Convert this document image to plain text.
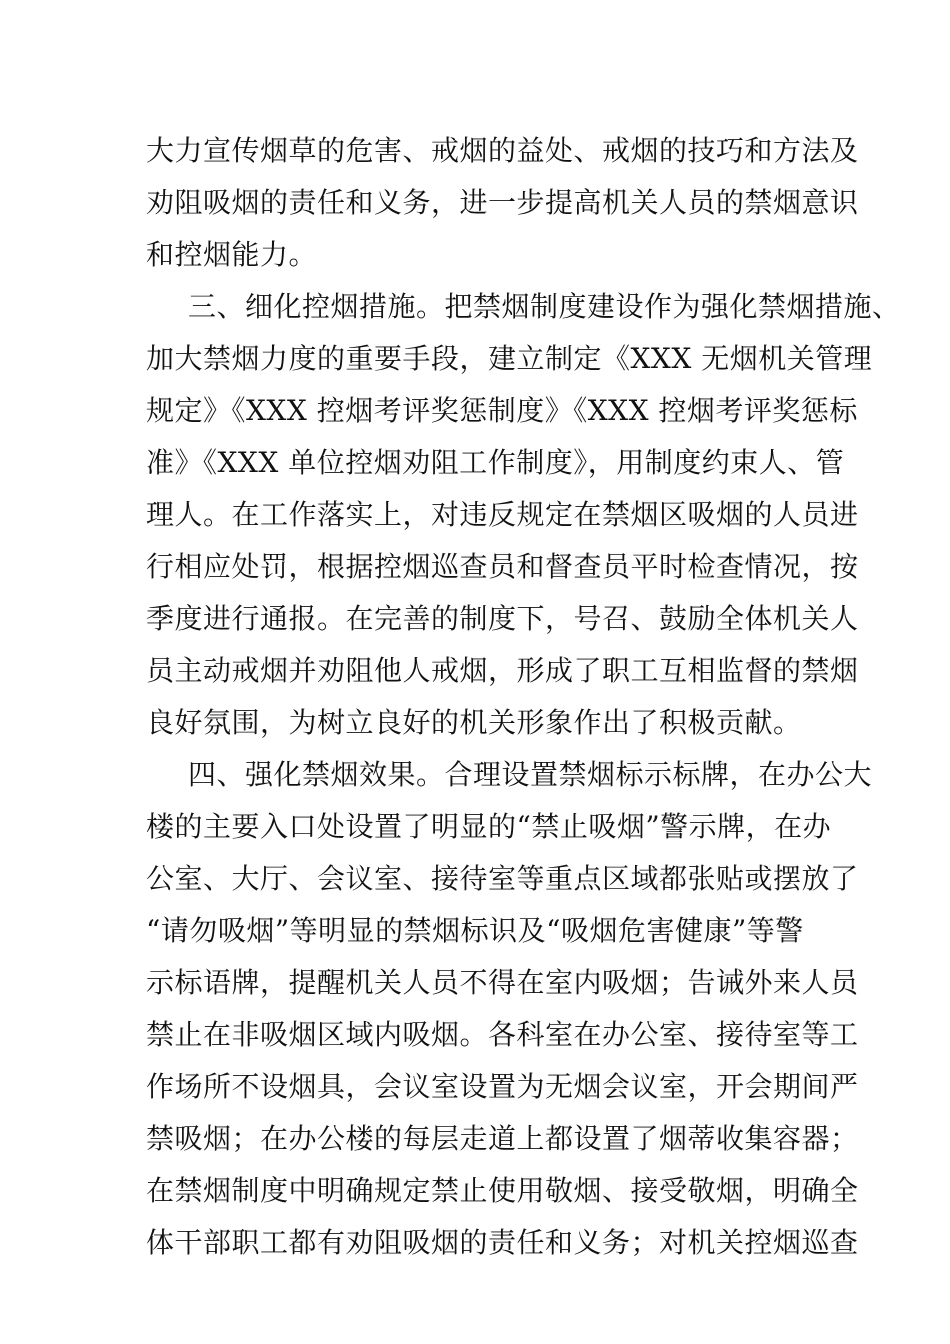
大力宣传烟草的危害、戒烟的益处、戒烟的技巧和方法及
劝阻吸烟的责任和义务，进一步提高机关人员的禁烟意识
和控烟能力。
三、细化控烟措施。把禁烟制度建设作为强化禁烟措施、
加大禁烟力度的重要手段，建立制定《XXX 无烟机关管理
规定》《XXX 控烟考评奖惩制度》《XXX 控烟考评奖惩标
准》《XXX 单位控烟劝阻工作制度》，用制度约束人、管
理人。在工作落实上，对违反规定在禁烟区吸烟的人员进
行相应处罚，根据控烟巡查员和督查员平时检查情况，按
季度进行通报。在完善的制度下，号召、鼓励全体机关人
员主动戒烟并劝阻他人戒烟，形成了职工互相监督的禁烟
良好氛围，为树立良好的机关形象作出了积极贡献。
四、强化禁烟效果。合理设置禁烟标示标牌，在办公大
楼的主要入口处设置了明显的“禁止吸烟”警示牌，在办
公室、大厅、会议室、接待室等重点区域都张贴或摆放了
“请勿吸烟”等明显的禁烟标识及“吸烟危害健康”等警
示标语牌，提醒机关人员不得在室内吸烟；告诫外来人员
禁止在非吸烟区域内吸烟。各科室在办公室、接待室等工
作场所不设烟具，会议室设置为无烟会议室，开会期间严
禁吸烟；在办公楼的每层走道上都设置了烟蒂收集容器；
在禁烟制度中明确规定禁止使用敬烟、接受敬烟，明确全
体干部职工都有劝阻吸烟的责任和义务；对机关控烟巡查
